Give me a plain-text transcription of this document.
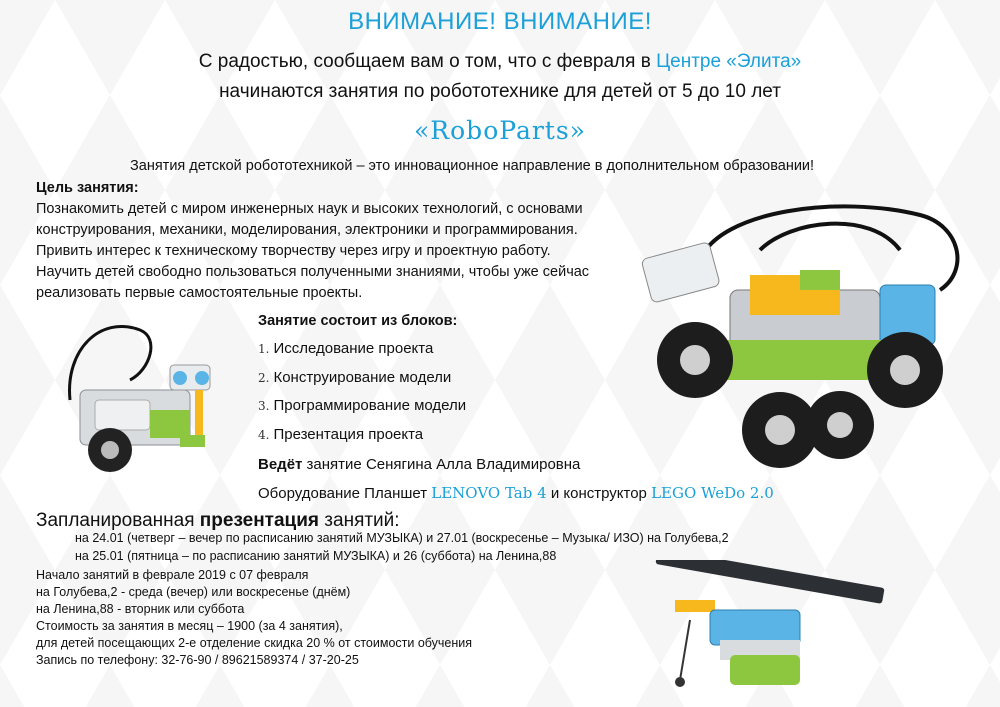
ВНИМАНИЕ! ВНИМАНИЕ!
С радостью, сообщаем вам о том, что с февраля в Центре «Элита»
начинаются занятия по робототехнике для детей от 5 до 10 лет
«RoboParts»
Занятия детской робототехникой – это инновационное направление в дополнительном образовании!
Цель занятия:
Познакомить детей с миром инженерных наук и высоких технологий, с основами
конструирования, механики, моделирования, электроники и программирования.
Привить интерес к техническому творчеству через игру и проектную работу.
Научить детей свободно пользоваться полученными знаниями, чтобы уже сейчас
реализовать первые самостоятельные проекты.
Занятие состоит из блоков:
1. Исследование проекта
2. Конструирование модели
3. Программирование модели
4. Презентация проекта
Ведёт занятие Сенягина Алла Владимировна
Оборудование Планшет LENOVO Tab 4 и конструктор LEGO WeDo 2.0
Запланированная презентация занятий:
на 24.01 (четверг – вечер по расписанию занятий МУЗЫКА) и 27.01 (воскресенье – Музыка/ ИЗО) на Голубева,2
на 25.01 (пятница – по расписанию занятий МУЗЫКА) и 26 (суббота) на Ленина,88
Начало занятий в феврале 2019 с 07 февраля
на Голубева,2 - среда (вечер) или воскресенье (днём)
на Ленина,88 - вторник или суббота
Стоимость за занятия в месяц – 1900 (за 4 занятия),
для детей посещающих 2-е отделение скидка 20 % от стоимости обучения
Запись по телефону: 32-76-90 / 89621589374 / 37-20-25
